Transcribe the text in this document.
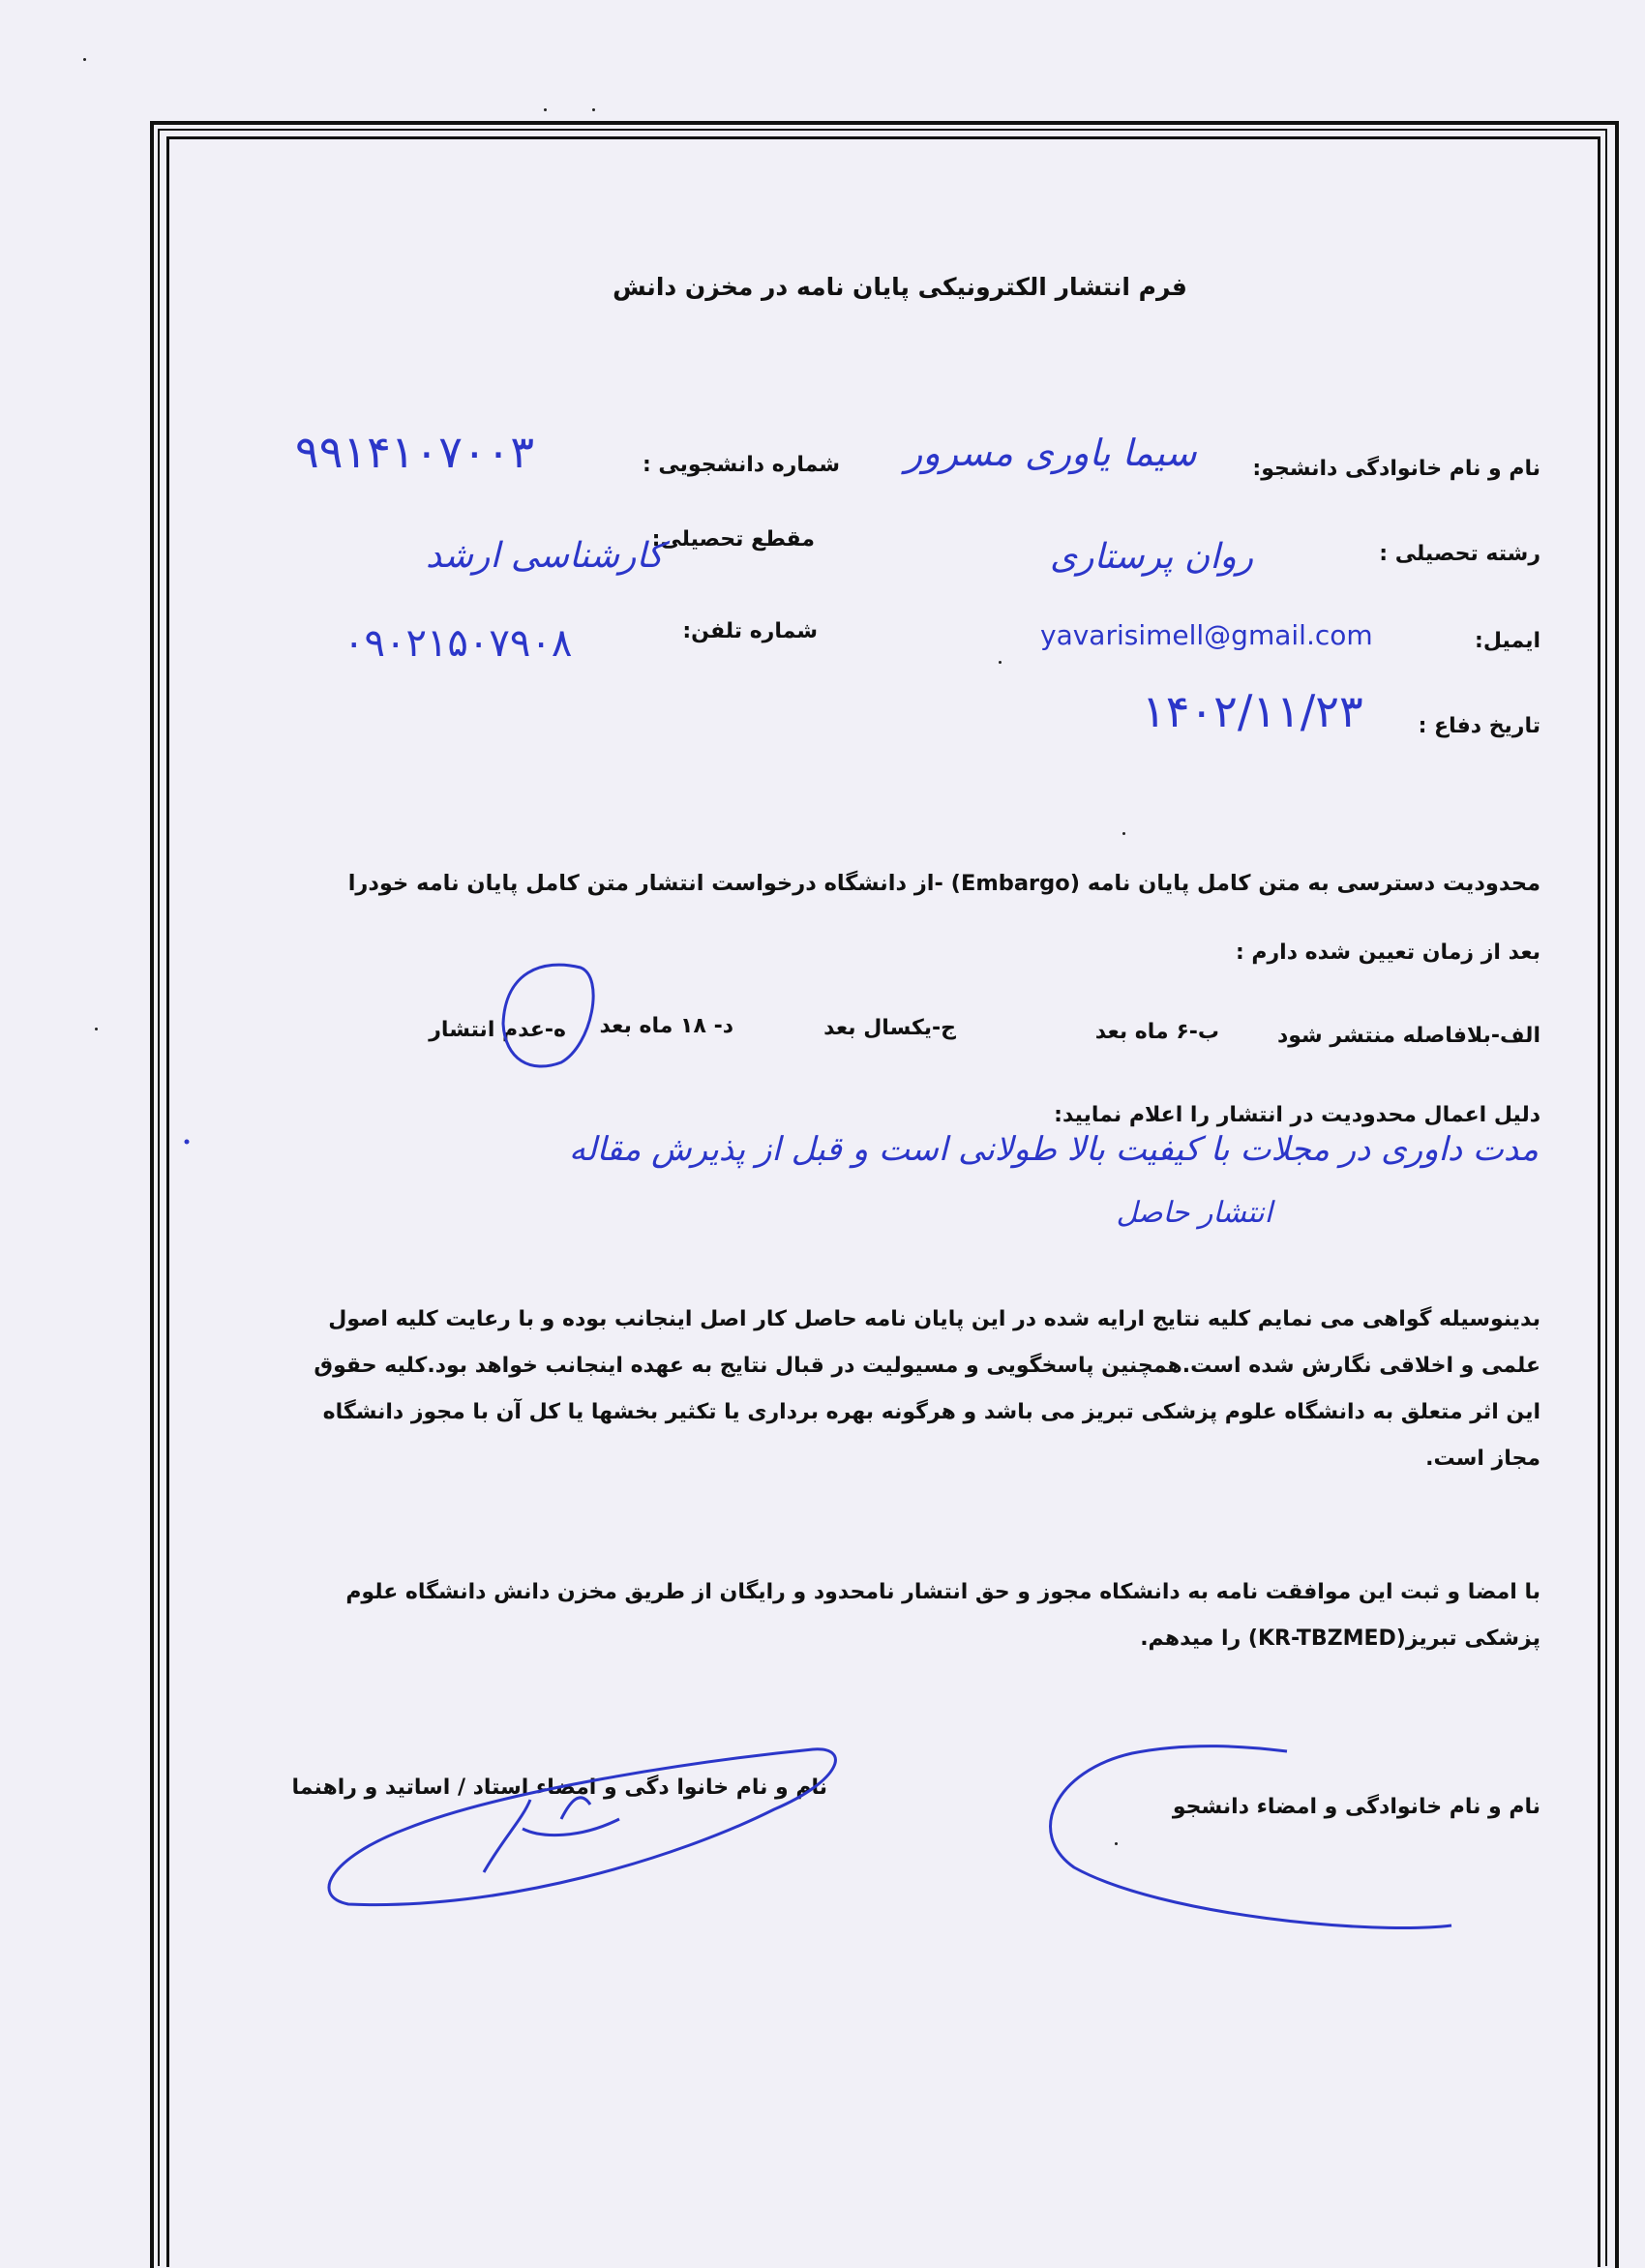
فرم انتشار الکترونیکی پایان نامه در مخزن دانش
نام و نام خانوادگی دانشجو:
سیما یاوری مسرور
شماره دانشجویی :
۹۹۱۴۱۰۷۰۰۳
رشته تحصیلی :
روان پرستاری
مقطع تحصیلی:
کارشناسی ارشد
ایمیل:
yavarisimell@gmail.com
شماره تلفن:
۰۹۰۲۱۵۰۷۹۰۸
تاریخ دفاع :
۱۴۰۲/۱۱/۲۳
محدودیت دسترسی به متن کامل پایان نامه (Embargo) -از دانشگاه درخواست انتشار متن کامل پایان نامه خودرا
بعد از زمان تعیین شده دارم :
الف-بلافاصله منتشر شود
ب-۶ ماه بعد
ج-یکسال بعد
د- ۱۸ ماه بعد
ه-عدم انتشار
دلیل اعمال محدودیت در انتشار را اعلام نمایید:
مدت داوری در مجلات با کیفیت بالا طولانی است و قبل از پذیرش مقاله
انتشار حاصل
بدینوسیله گواهی می نمایم کلیه نتایج ارایه شده در این پایان نامه حاصل کار اصل اینجانب بوده و با رعایت کلیه اصول
علمی و اخلاقی نگارش شده است.همچنین پاسخگویی و مسیولیت در قبال نتایج به عهده اینجانب خواهد بود.کلیه حقوق
این اثر متعلق به دانشگاه علوم پزشکی تبریز می باشد و هرگونه بهره برداری یا تکثیر بخشها یا کل آن با مجوز دانشگاه
مجاز است.
با امضا و ثبت این موافقت نامه به دانشکاه مجوز و حق انتشار نامحدود و رایگان از طریق مخزن دانش دانشگاه علوم
پزشکی تبریز(KR-TBZMED) را میدهم.
نام و نام خانوادگی و امضاء دانشجو
نام و نام خانوا دگی و امضاء استاد / اساتید و راهنما
